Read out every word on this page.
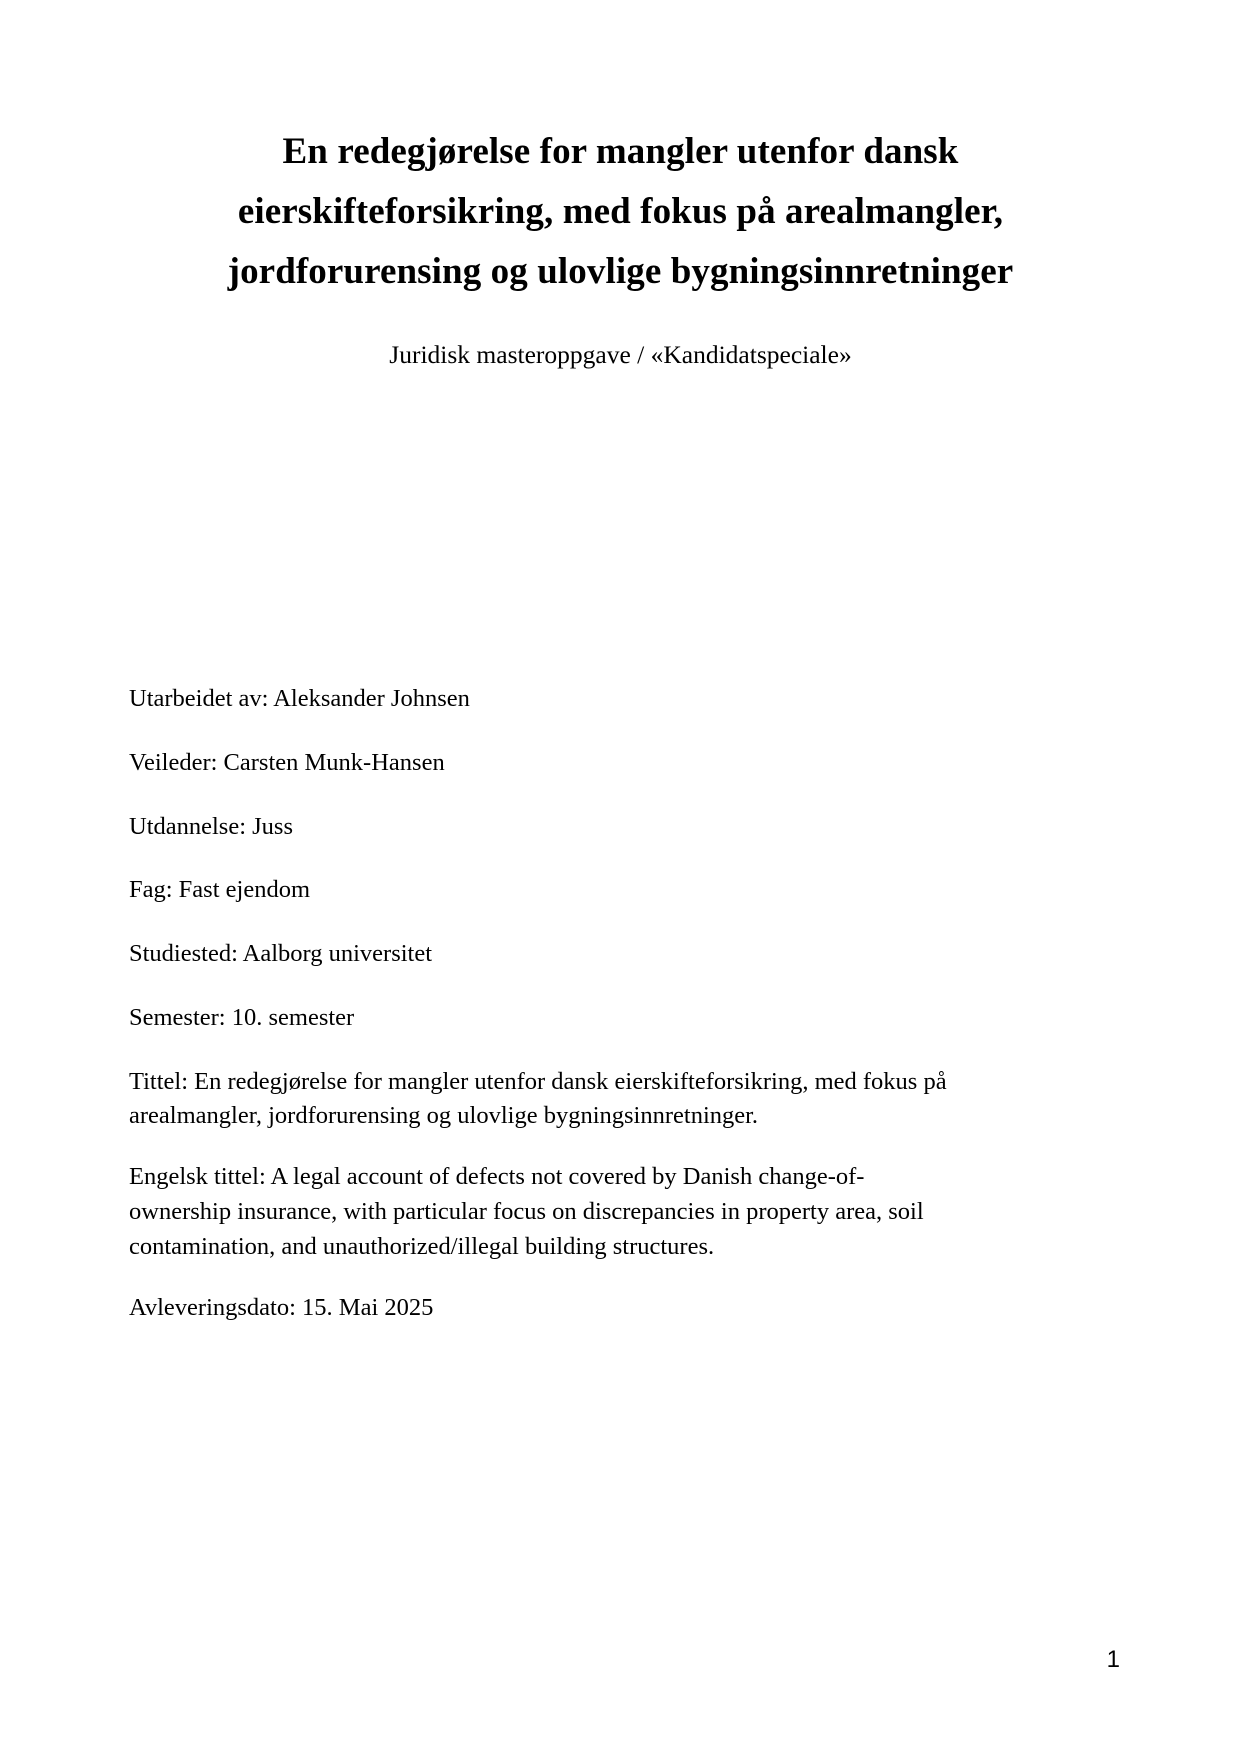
En redegjørelse for mangler utenfor dansk
eierskifteforsikring, med fokus på arealmangler,
jordforurensing og ulovlige bygningsinnretninger

Juridisk masteroppgave / «Kandidatspeciale»

Utarbeidet av: Aleksander Johnsen

Veileder: Carsten Munk-Hansen

Utdannelse: Juss

Fag: Fast ejendom

Studiested: Aalborg universitet

Semester: 10. semester

Tittel: En redegjørelse for mangler utenfor dansk eierskifteforsikring, med fokus på arealmangler, jordforurensing og ulovlige bygningsinnretninger.

Engelsk tittel: A legal account of defects not covered by Danish change-of-ownership insurance, with particular focus on discrepancies in property area, soil contamination, and unauthorized/illegal building structures.

Avleveringsdato: 15. Mai 2025

1
